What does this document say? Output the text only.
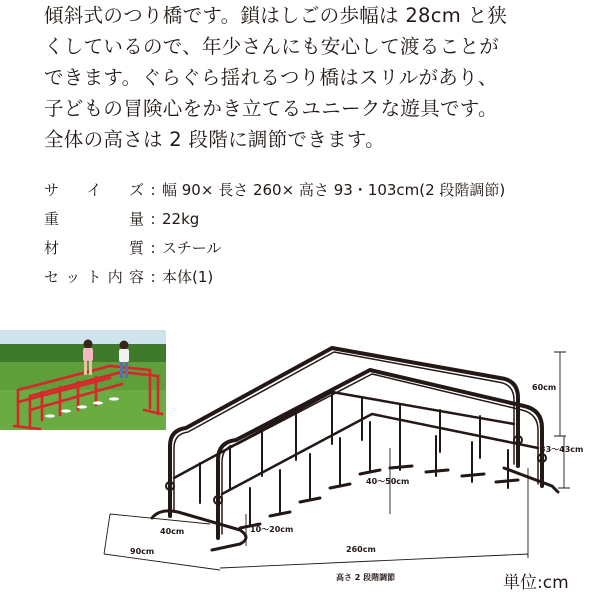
傾斜式のつり橋です。鎖はしごの歩幅は 28cm と狭
くしているので、年少さんにも安心して渡ることが
できます。ぐらぐら揺れるつり橋はスリルがあり、
子どもの冒険心をかき立てるユニークな遊具です。
全体の高さは 2 段階に調節できます。
サ イ ズ : 幅 90× 長さ 260× 高さ 93・103cm(2 段階調節)
重	量 : 22kg
材	質 : スチール
セ ッ ト 内 容 : 本体(1)
60cm
33～43cm
40～50cm
10～20cm
40cm
90cm	260cm
高さ 2 段階調節	単位:cm
